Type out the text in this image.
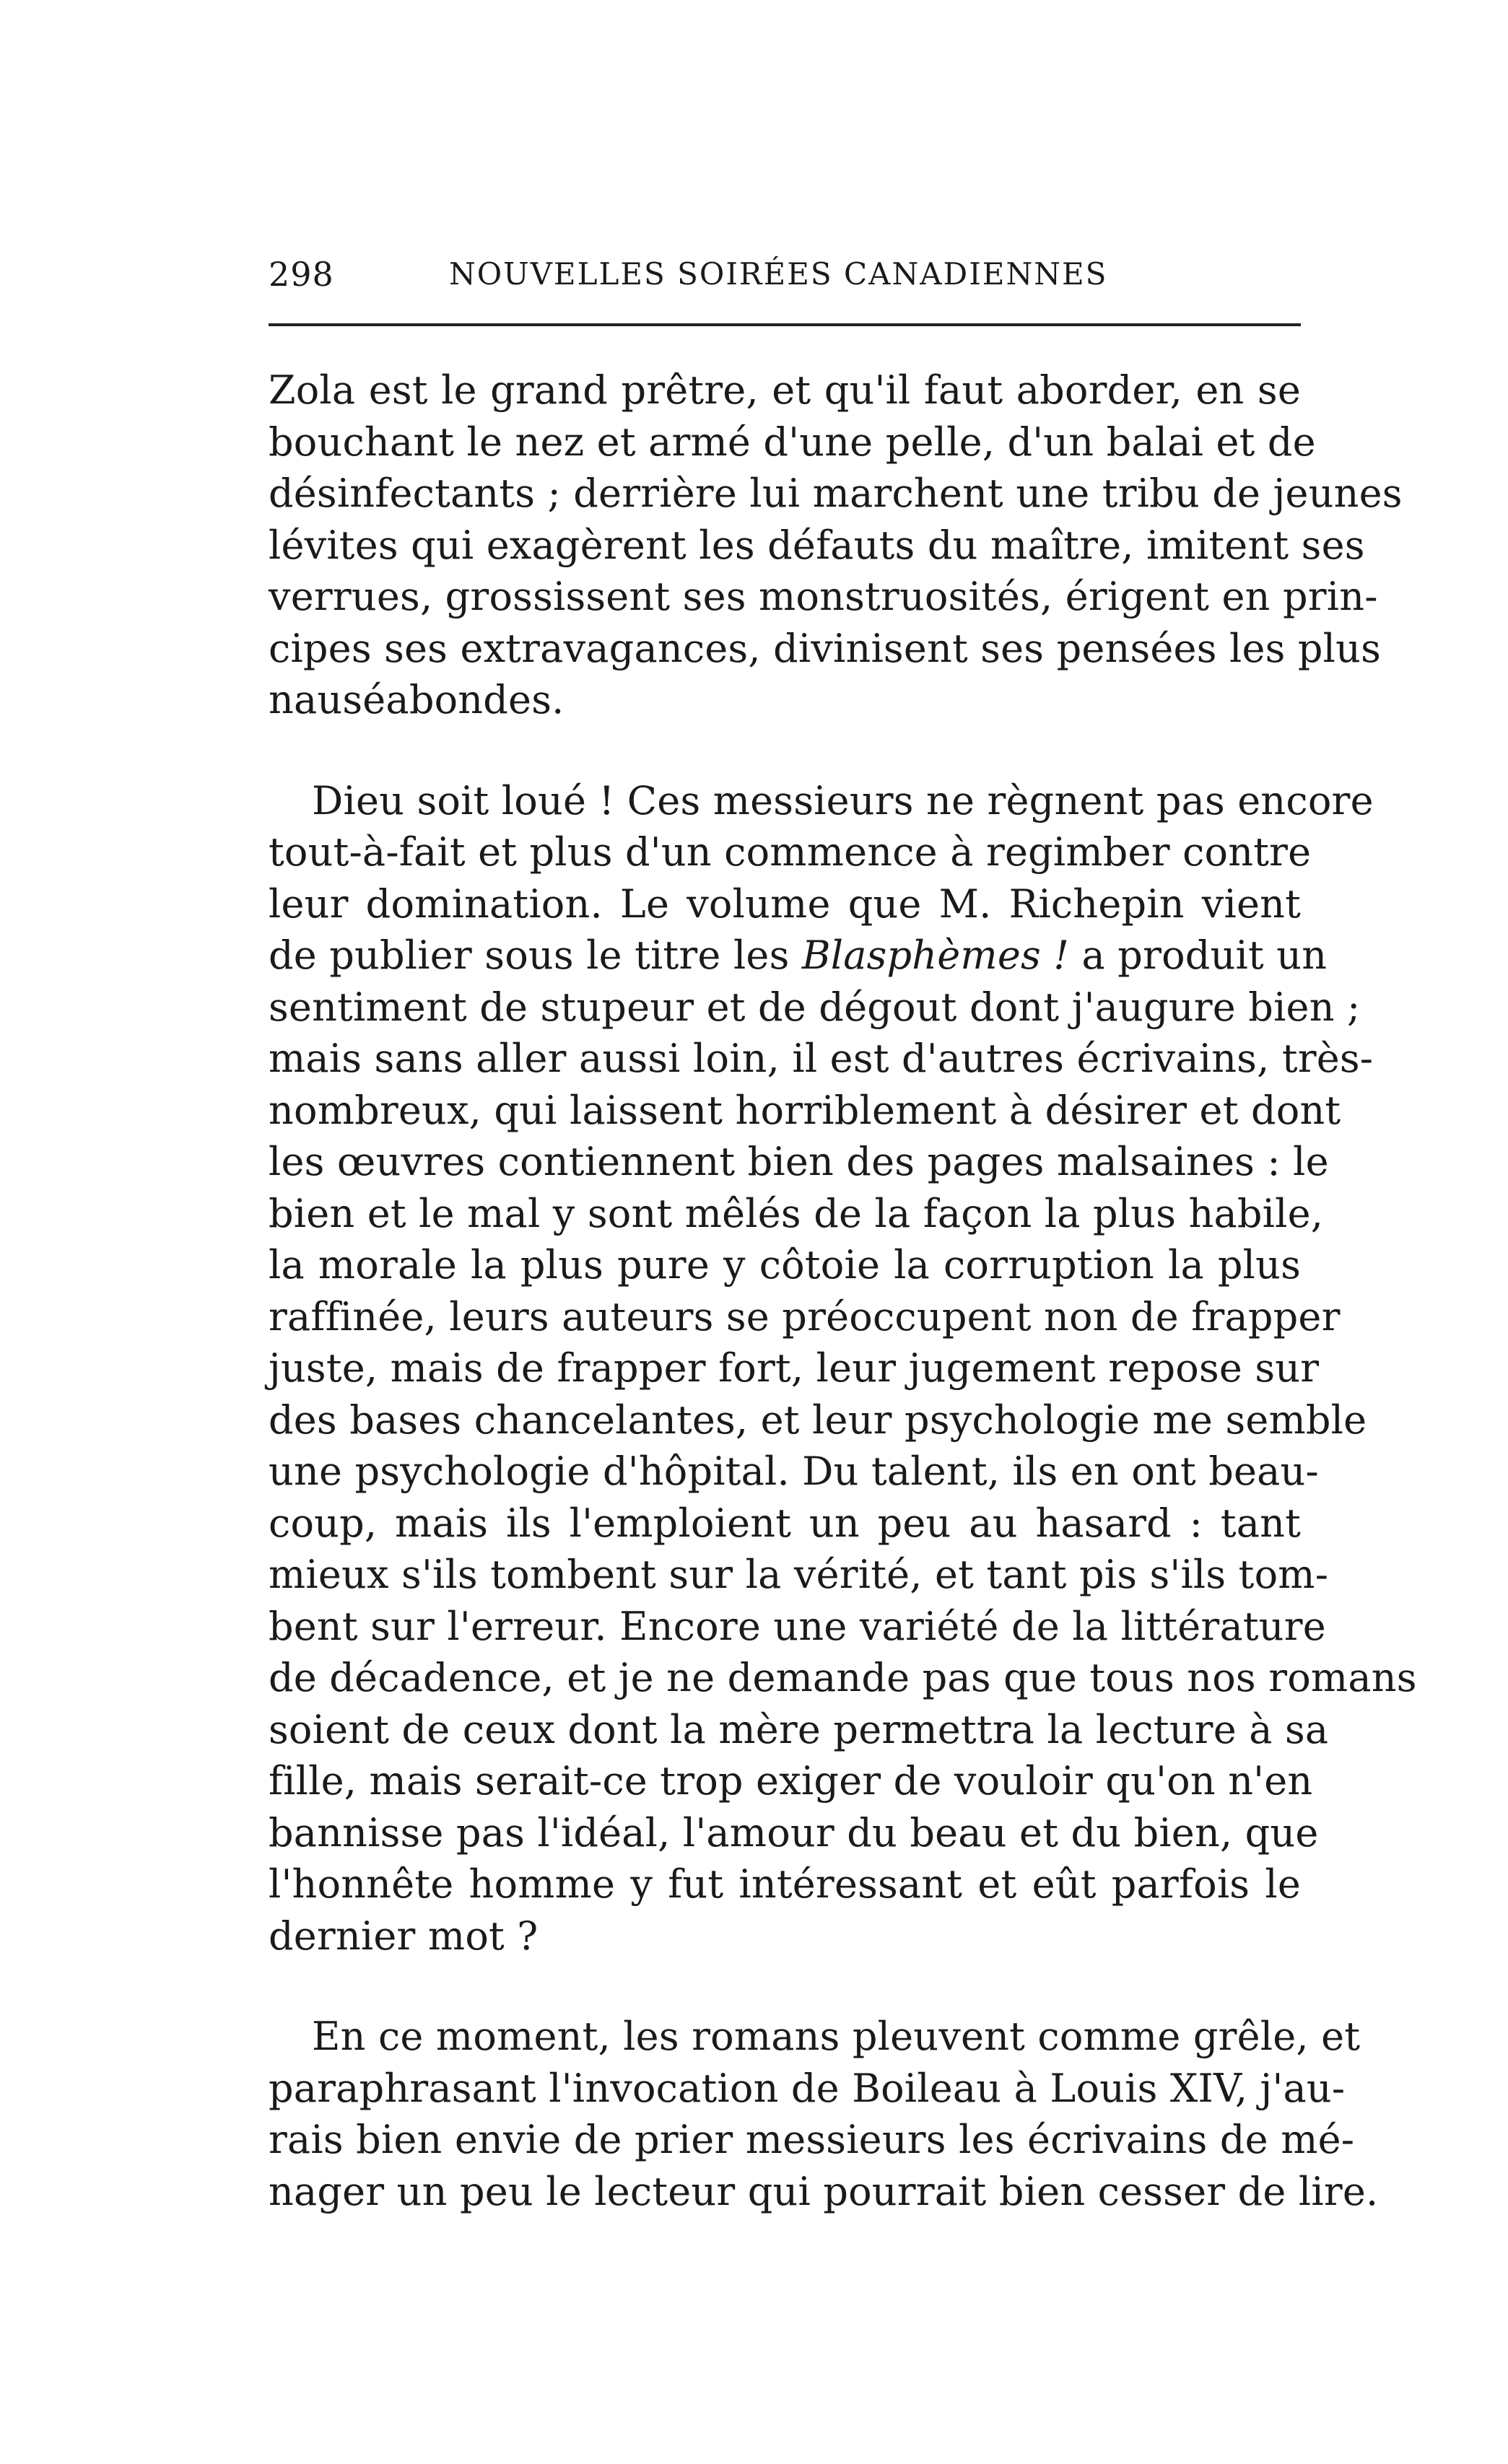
298	NOUVELLES SOIRÉES CANADIENNES
Zola est le grand prêtre, et qu'il faut aborder, en se
bouchant le nez et armé d'une pelle, d'un balai et de
désinfectants ; derrière lui marchent une tribu de jeunes
lévites qui exagèrent les défauts du maître, imitent ses
verrues, grossissent ses monstruosités, érigent en prin-
cipes ses extravagances, divinisent ses pensées les plus
nauséabondes.
Dieu soit loué ! Ces messieurs ne règnent pas encore
tout-à-fait et plus d'un commence à regimber contre
leur domination. Le volume que M. Richepin vient
de publier sous le titre les Blasphèmes ! a produit un
sentiment de stupeur et de dégout dont j'augure bien ;
mais sans aller aussi loin, il est d'autres écrivains, très-
nombreux, qui laissent horriblement à désirer et dont
les œuvres contiennent bien des pages malsaines : le
bien et le mal y sont mêlés de la façon la plus habile,
la morale la plus pure y côtoie la corruption la plus
raffinée, leurs auteurs se préoccupent non de frapper
juste, mais de frapper fort, leur jugement repose sur
des bases chancelantes, et leur psychologie me semble
une psychologie d'hôpital. Du talent, ils en ont beau-
coup, mais ils l'emploient un peu au hasard : tant
mieux s'ils tombent sur la vérité, et tant pis s'ils tom-
bent sur l'erreur. Encore une variété de la littérature
de décadence, et je ne demande pas que tous nos romans
soient de ceux dont la mère permettra la lecture à sa
fille, mais serait-ce trop exiger de vouloir qu'on n'en
bannisse pas l'idéal, l'amour du beau et du bien, que
l'honnête homme y fut intéressant et eût parfois le
dernier mot ?
En ce moment, les romans pleuvent comme grêle, et
paraphrasant l'invocation de Boileau à Louis XIV, j'au-
rais bien envie de prier messieurs les écrivains de mé-
nager un peu le lecteur qui pourrait bien cesser de lire.
